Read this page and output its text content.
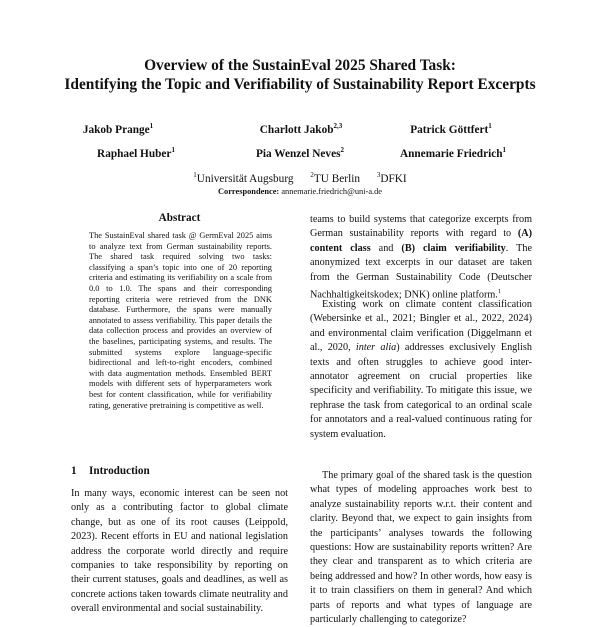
Overview of the SustainEval 2025 Shared Task:
Identifying the Topic and Verifiability of Sustainability Report Excerpts
Jakob Prange$^1$	Charlott Jakob$^{2,3}$	Patrick Göttfert$^1$
Raphael Huber$^1$	Pia Wenzel Neves$^2$	Annemarie Friedrich$^1$
$^1$Universität Augsburg $^2$TU Berlin $^3$DFKI
Correspondence: annemarie.friedrich@uni-a.de
Abstract
The SustainEval shared task @ GermEval 2025 aims to analyze text from German sustainability reports. The shared task required solving two tasks: classifying a span’s topic into one of 20 reporting criteria and estimating its verifiability on a scale from 0.0 to 1.0. The spans and their corresponding reporting criteria were retrieved from the DNK database. Furthermore, the spans were manually annotated to assess verifiability. This paper details the data collection process and provides an overview of the baselines, participating systems, and results. The submitted systems explore language-specific bidirectional and left-to-right encoders, combined with data augmentation methods. Ensembled BERT models with different sets of hyperparameters work best for content classification, while for verifiability rating, generative pretraining is competitive as well.
1 Introduction

In many ways, economic interest can be seen not only as a contributing factor to global climate change, but as one of its root causes (Leippold, 2023). Recent efforts in EU and national legislation address the corporate world directly and require companies to take responsibility by reporting on their current statuses, goals and deadlines, as well as concrete actions taken towards climate neutrality and overall environmental and social sustainability.

teams to build systems that categorize excerpts from German sustainability reports with regard to (A) content class and (B) claim verifiability. The anonymized text excerpts in our dataset are taken from the German Sustainability Code (Deutscher Nachhaltigkeitskodex; DNK) online platform.$^1$

Existing work on climate content classification (Webersinke et al., 2021; Bingler et al., 2022, 2024) and environmental claim verification (Diggelmann et al., 2020, inter alia) addresses exclusively English texts and often struggles to achieve good inter-annotator agreement on crucial properties like specificity and verifiability. To mitigate this issue, we rephrase the task from categorical to an ordinal scale for annotators and a real-valued continuous rating for system evaluation.

The primary goal of the shared task is the question what types of modeling approaches work best to analyze sustainability reports w.r.t. their content and clarity. Beyond that, we expect to gain insights from the participants’ analyses towards the following questions: How are sustainability reports written? Are they clear and transparent as to which criteria are being addressed and how? In other words, how easy is it to train classifiers on them in general? And which parts of reports and what types of language are particularly challenging to categorize?
